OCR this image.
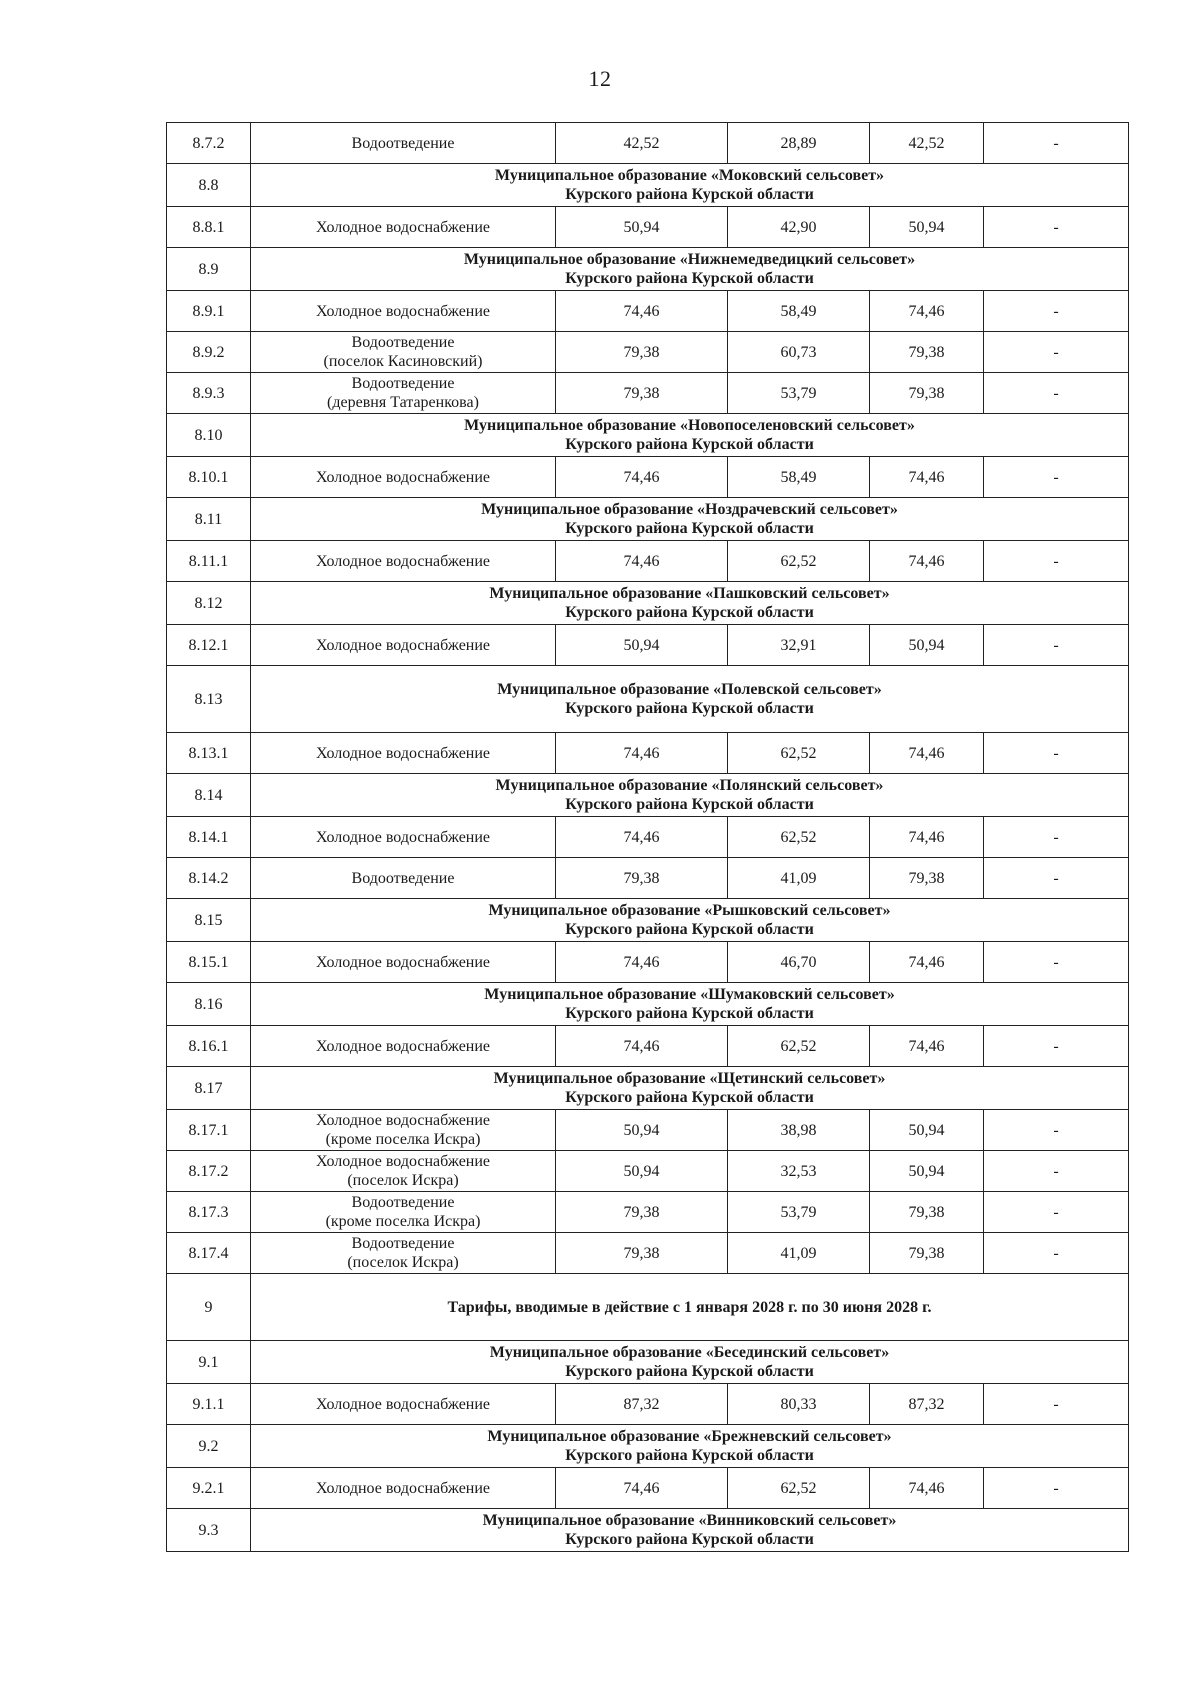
12
8.7.2	Водоотведение	42,52	28,89	42,52	-
8.8	Муниципальное образование «Моковский сельсовет»
Курского района Курской области				

8.8.1	Холодное водоснабжение	50,94	42,90	50,94	-
8.9	Муниципальное образование «Нижнемедведицкий сельсовет»
Курского района Курской области				

8.9.1	Холодное водоснабжение	74,46	58,49	74,46	-
8.9.2	Водоотведение
(поселок Касиновский)	79,38	60,73	79,38	-
8.9.3	Водоотведение
(деревня Татаренкова)	79,38	53,79	79,38	-
8.10	Муниципальное образование «Новопоселеновский сельсовет»
Курского района Курской области				

8.10.1	Холодное водоснабжение	74,46	58,49	74,46	-
8.11	Муниципальное образование «Ноздрачевский сельсовет»
Курского района Курской области				

8.11.1	Холодное водоснабжение	74,46	62,52	74,46	-
8.12	Муниципальное образование «Пашковский сельсовет»
Курского района Курской области				

8.12.1	Холодное водоснабжение	50,94	32,91	50,94	-
8.13	Муниципальное образование «Полевской сельсовет»
Курского района Курской области				

8.13.1	Холодное водоснабжение	74,46	62,52	74,46	-
8.14	Муниципальное образование «Полянский сельсовет»
Курского района Курской области				

8.14.1	Холодное водоснабжение	74,46	62,52	74,46	-
8.14.2	Водоотведение	79,38	41,09	79,38	-
8.15	Муниципальное образование «Рышковский сельсовет»
Курского района Курской области				

8.15.1	Холодное водоснабжение	74,46	46,70	74,46	-
8.16	Муниципальное образование «Шумаковский сельсовет»
Курского района Курской области				

8.16.1	Холодное водоснабжение	74,46	62,52	74,46	-
8.17	Муниципальное образование «Щетинский сельсовет»
Курского района Курской области				

8.17.1	Холодное водоснабжение
(кроме поселка Искра)	50,94	38,98	50,94	-
8.17.2	Холодное водоснабжение
(поселок Искра)	50,94	32,53	50,94	-
8.17.3	Водоотведение
(кроме поселка Искра)	79,38	53,79	79,38	-
8.17.4	Водоотведение
(поселок Искра)	79,38	41,09	79,38	-
9	Тарифы, вводимые в действие с 1 января 2028 г. по 30 июня 2028 г.				

9.1	Муниципальное образование «Бесединский сельсовет»
Курского района Курской области				

9.1.1	Холодное водоснабжение	87,32	80,33	87,32	-
9.2	Муниципальное образование «Брежневский сельсовет»
Курского района Курской области				

9.2.1	Холодное водоснабжение	74,46	62,52	74,46	-
9.3	Муниципальное образование «Винниковский сельсовет»
Курского района Курской области				
